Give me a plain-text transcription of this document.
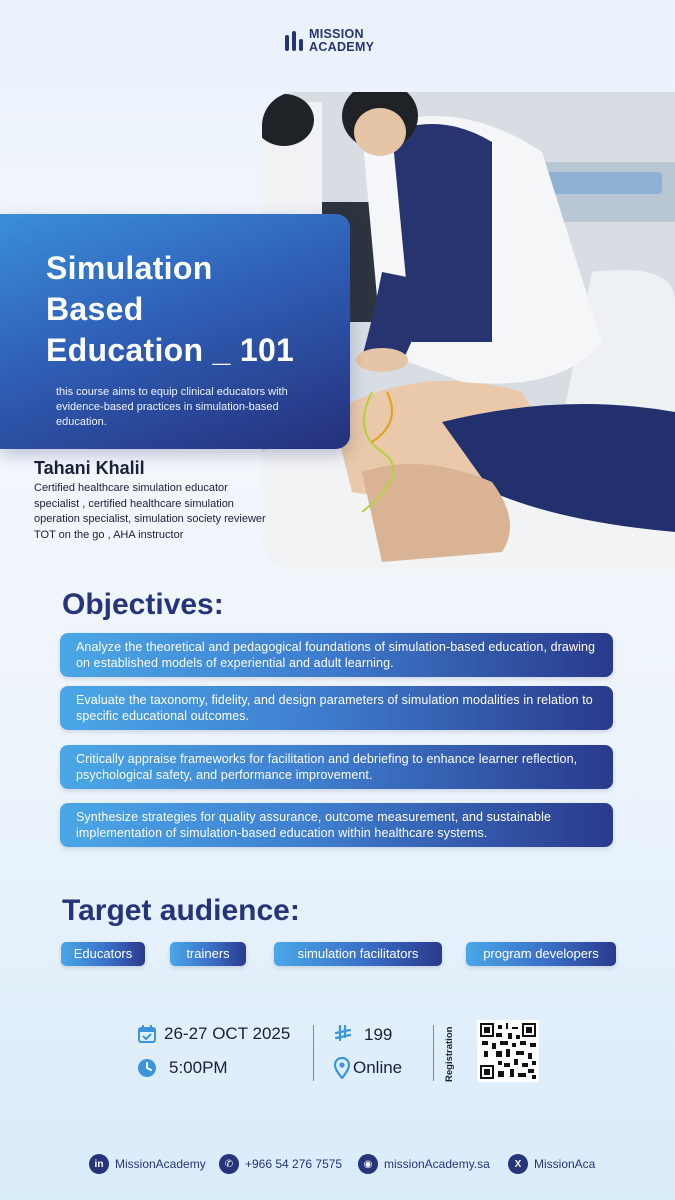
MISSION
ACADEMY
Simulation
Based
Education _ 101
this course aims to equip clinical educators with evidence-based practices in simulation-based education.
Tahani Khalil
Certified healthcare simulation educator specialist , certified healthcare simulation operation specialist, simulation society reviewer TOT on the go , AHA instructor
Objectives:
Analyze the theoretical and pedagogical foundations of simulation-based education, drawing on established models of experiential and adult learning.
Evaluate the taxonomy, fidelity, and design parameters of simulation modalities in relation to specific educational outcomes.
Critically appraise frameworks for facilitation and debriefing to enhance learner reflection, psychological safety, and performance improvement.
Synthesize strategies for quality assurance, outcome measurement, and sustainable implementation of simulation-based education within healthcare systems.
Target audience:
Educators	trainers	simulation facilitators	program developers
26-27 OCT 2025
5:00PM
199
Online	Registration
in MissionAcademy	✆ +966 54 276 7575	◉ missionAcademy.sa	X	MissionAca
